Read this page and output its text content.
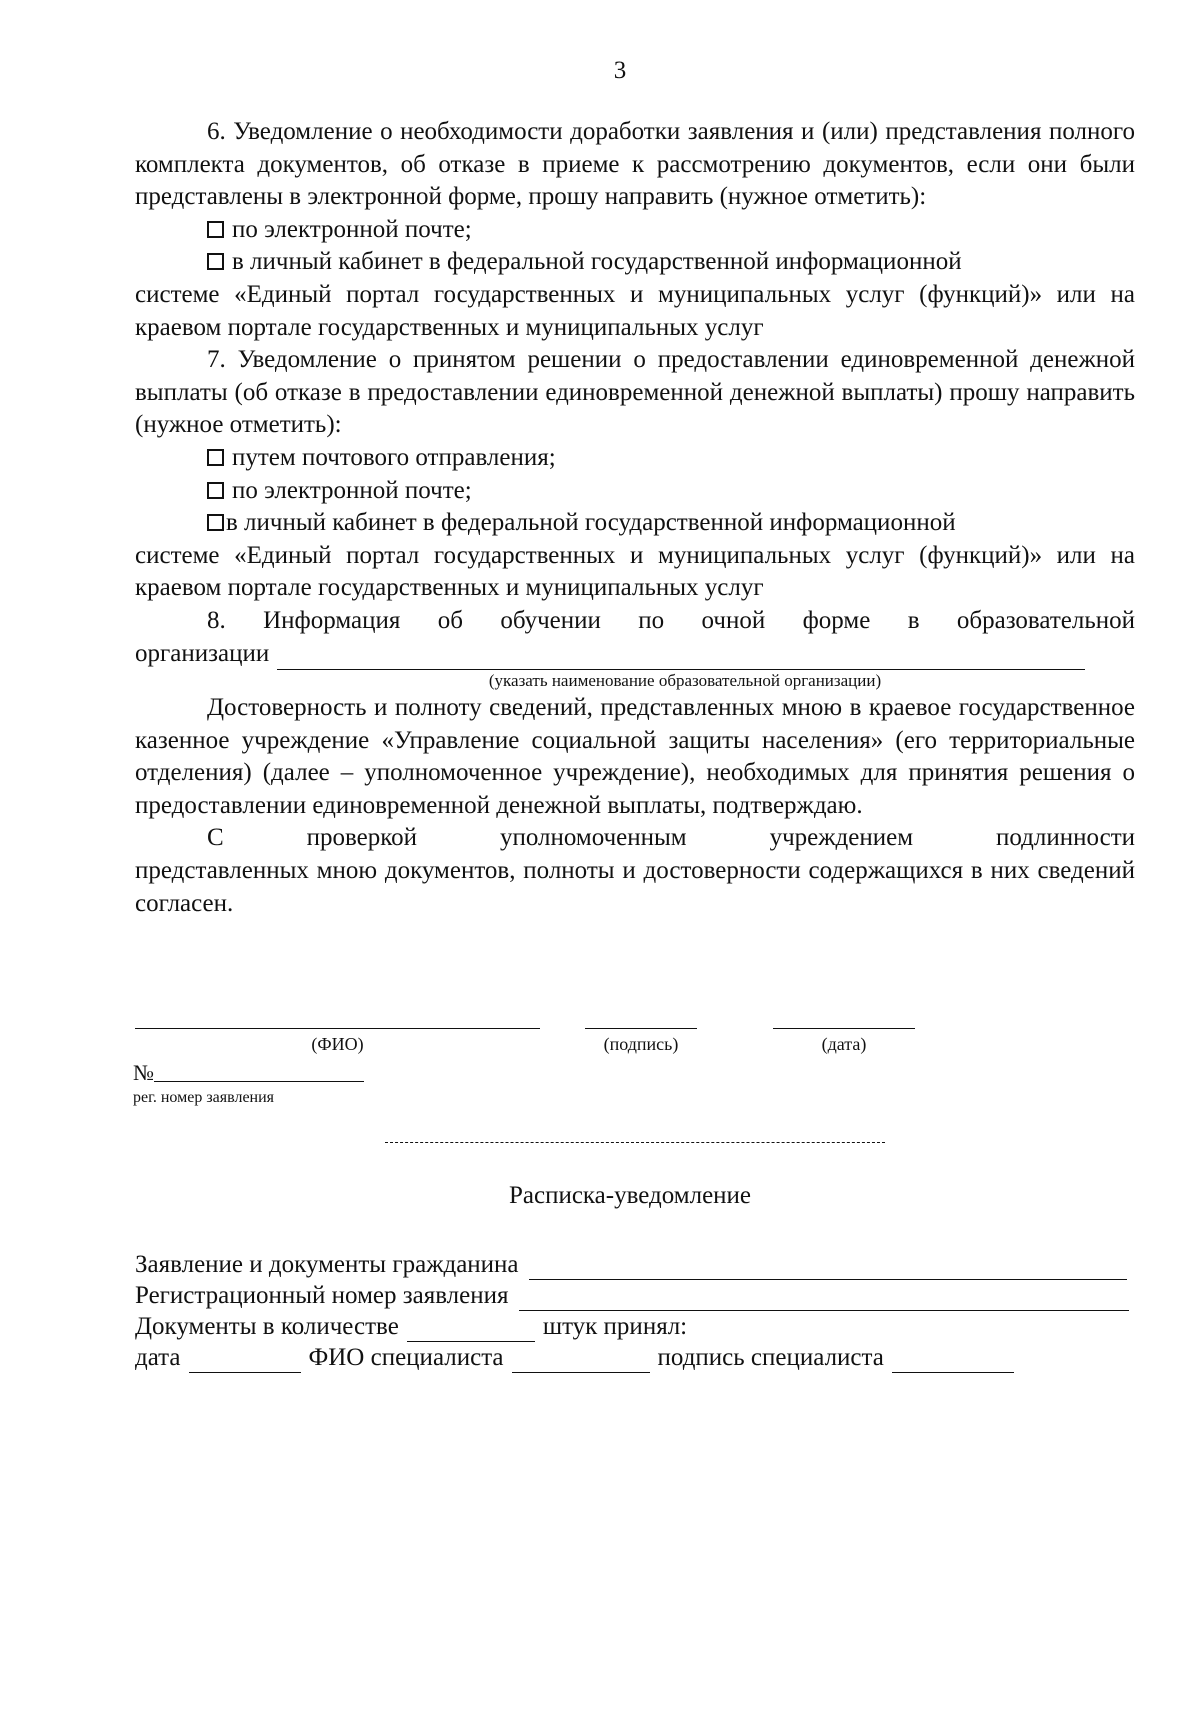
3

6. Уведомление о необходимости доработки заявления и (или) представления полного комплекта документов, об отказе в приеме к рассмотрению документов, если они были представлены в электронной форме, прошу направить (нужное отметить):

по электронной почте;

в личный кабинет в федеральной государственной информационной
системе «Единый портал государственных и муниципальных услуг (функций)» или на краевом портале государственных и муниципальных услуг

7. Уведомление о принятом решении о предоставлении единовременной денежной выплаты (об отказе в предоставлении единовременной денежной выплаты) прошу направить (нужное отметить):

путем почтового отправления;

по электронной почте;

в личный кабинет в федеральной государственной информационной
системе «Единый портал государственных и муниципальных услуг (функций)» или на краевом портале государственных и муниципальных услуг

8. Информация об обучении по очной форме в образовательной

организации
(указать наименование образовательной организации)

Достоверность и полноту сведений, представленных мною в краевое государственное казенное учреждение «Управление социальной защиты населения» (его территориальные отделения) (далее – уполномоченное учреждение), необходимых для принятия решения о предоставлении единовременной денежной выплаты, подтверждаю.

С проверкой уполномоченным учреждением подлинности

представленных мною документов, полноты и достоверности содержащихся в них сведений согласен.

(ФИО)	(подпись)	(дата)
№
рег. номер заявления
Расписка-уведомление
Заявление и документы гражданина
Регистрационный номер заявления
Документы в количестве	штук принял:
дата	ФИО специалиста	подпись специалиста
